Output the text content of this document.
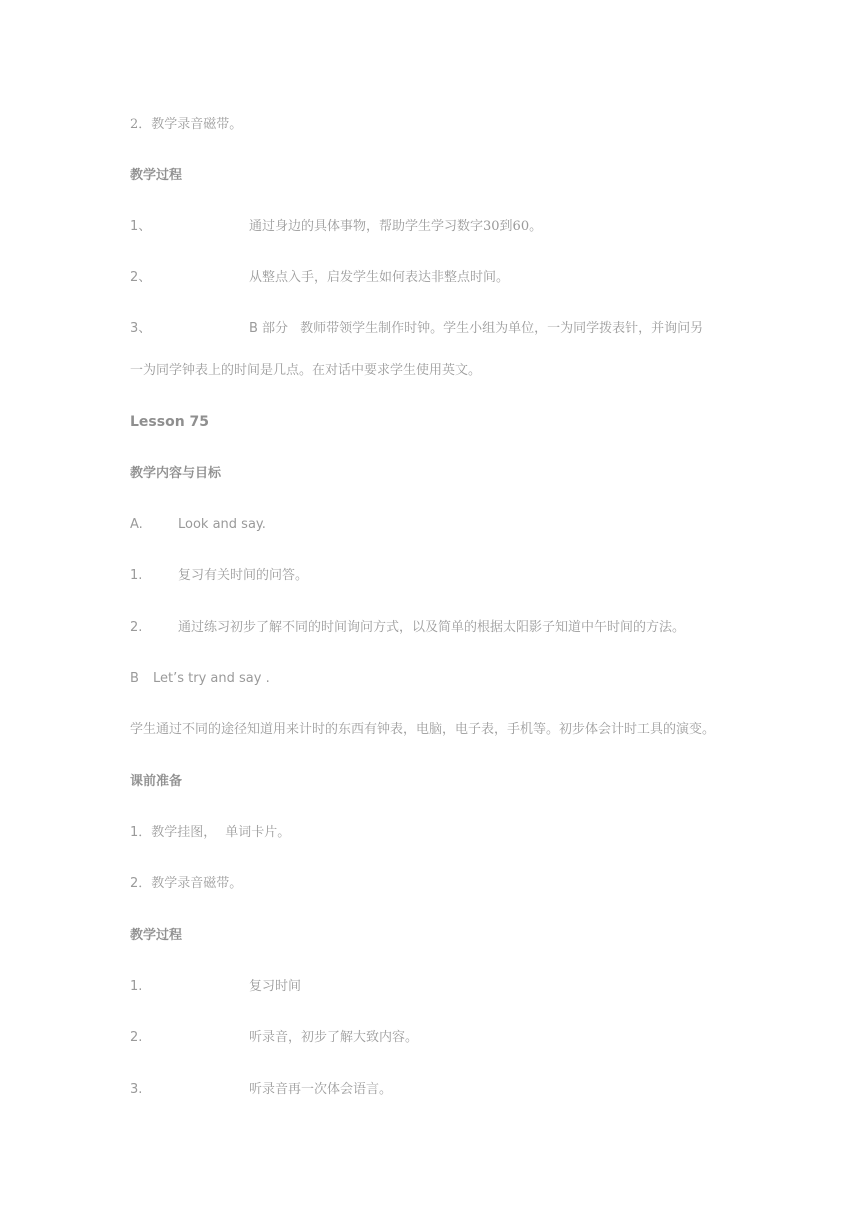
2．教学录音磁带。
教学过程
1、	通过身边的具体事物，帮助学生学习数字30到60。
2、	从整点入手，启发学生如何表达非整点时间。
3、	B 部分 教师带领学生制作时钟。学生小组为单位，一为同学拨表针，并询问另
一为同学钟表上的时间是几点。在对话中要求学生使用英文。
Lesson 75
教学内容与目标
A.	Look and say.
1.	复习有关时间的问答。
2.	通过练习初步了解不同的时间询问方式，以及简单的根据太阳影子知道中午时间的方法。
B Let’s try and say .
学生通过不同的途径知道用来计时的东西有钟表，电脑，电子表，手机等。初步体会计时工具的演变。
课前准备
1．教学挂图， 单词卡片。
2．教学录音磁带。
教学过程
1.	复习时间
2.	听录音，初步了解大致内容。
3.	听录音再一次体会语言。
